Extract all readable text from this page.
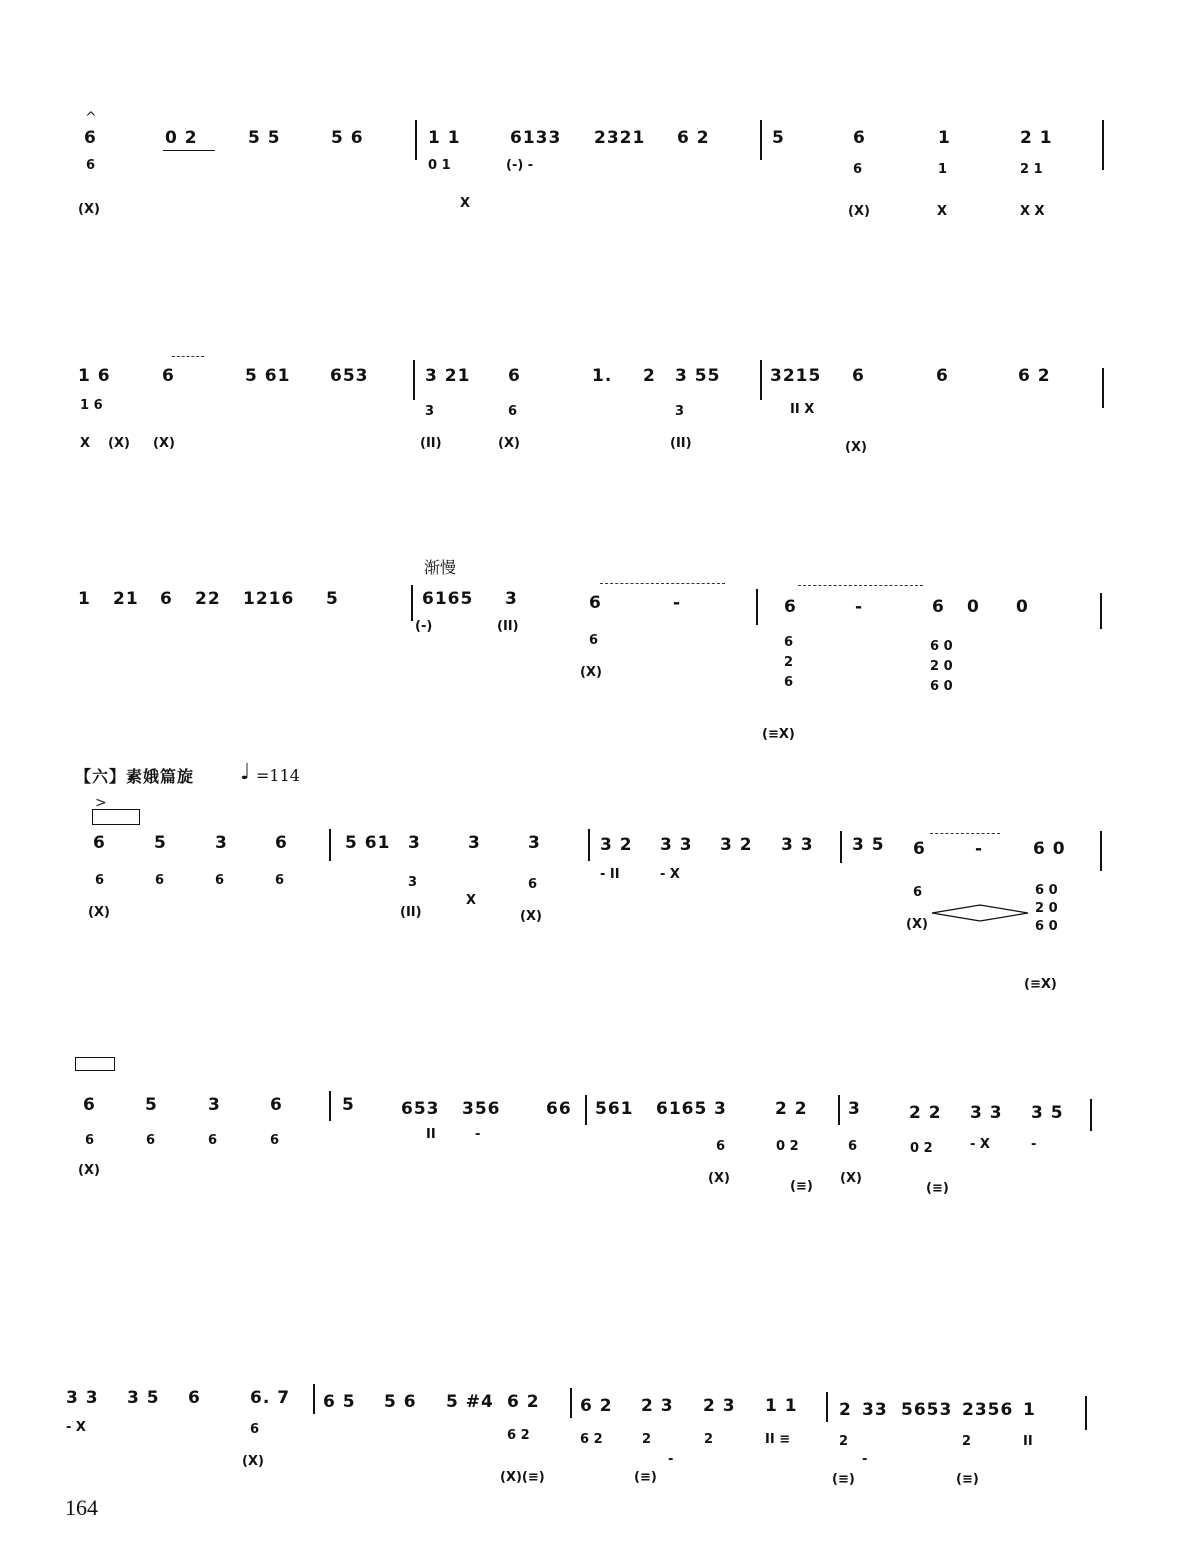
^
6	0 2	5 5	5 6	1 1	6133 2321 6 2	5	6	1	2 1
6
(X)
0 1
X
(-) -	6
(X)
1
X
2 1
X X
1 6	6	5 61 653	3 21 6	1. 2 3 55	3215 6	6	6 2
1 6
X (X) (X)
3
(II)
6
(X)
3
(II)
II X
(X)
渐慢
1 21 6 22 1216 5	6165 3	6	-	6	-	6 0 0
(-)	(II)
6
(X)
6
2
6
(≡X)
6 0
2 0
6 0
【六】素娥篇旋 ♩ =114
>
6	5	3	6	5 61 3	3	3	3 2 3 3 3 2 3 3 3 5 6	-	6 0
6	6	6	6
(X)
3
(II)
X
6
(X)
- II	- X
6
(X)
6 0
2 0
6 0
(≡X)
6	5	3	6	5	653 356	66 561 6165 3	2 2 3	2 2 3 3 3 5
6	6	6	6
(X)
II	-
6
(X)
0 2
(≡)
6
(X)
0 2
(≡)
- X	-
3 3 3 5 6	6. 7 6 5 5 6 5 #4 6 2 6 2 2 3 2 3 1 1 2 33 5653 2356 1
- X	6
(X)
6 2
(X)(≡)
6 2	2
(≡)
-
2	II ≡	2
(≡)
-
2
(≡)
II
164
